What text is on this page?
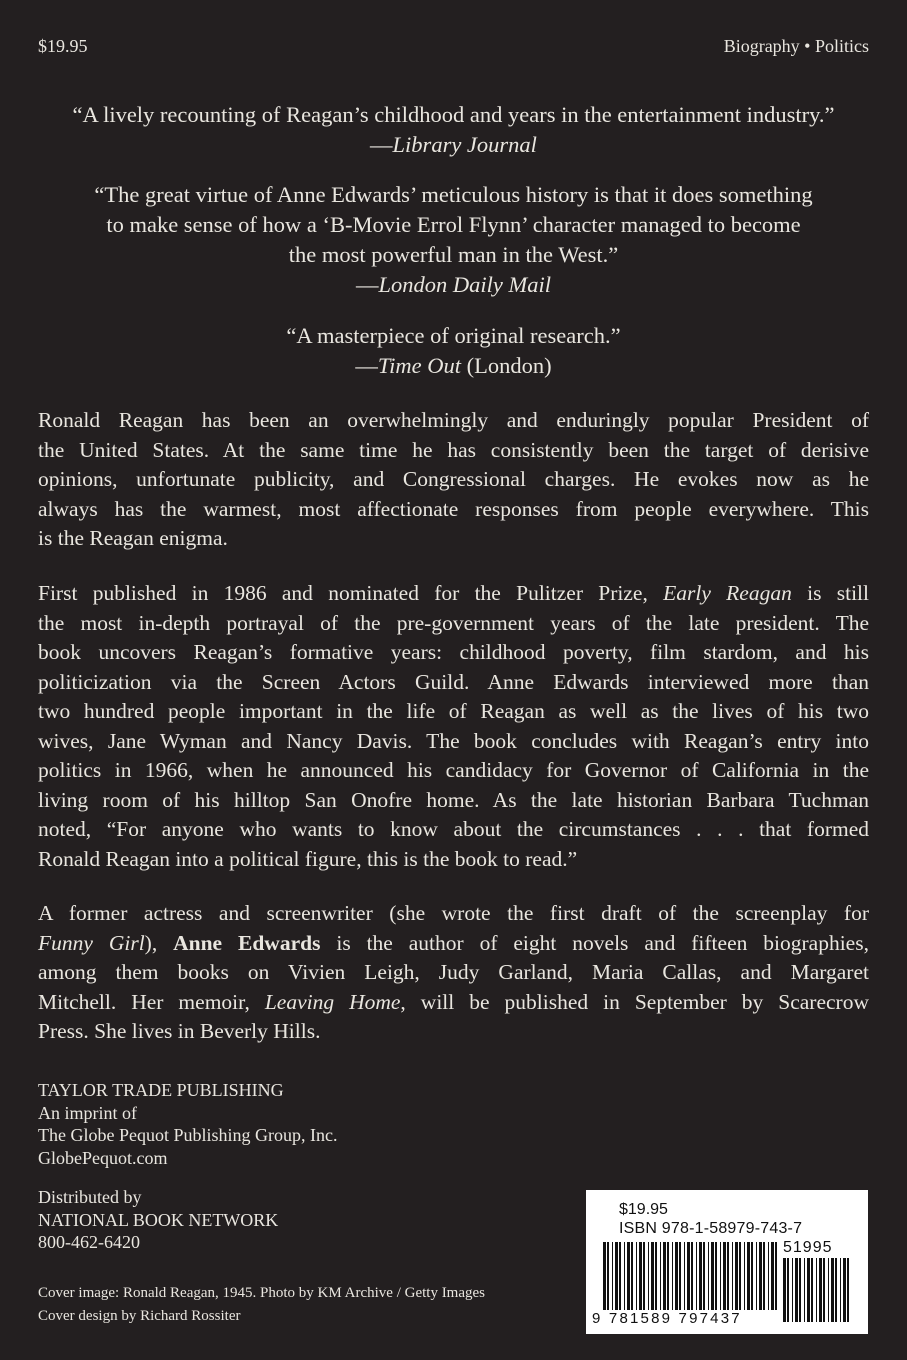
$19.95	Biography • Politics
“A lively recounting of Reagan’s childhood and years in the entertainment industry.”
—Library Journal
“The great virtue of Anne Edwards’ meticulous history is that it does something
to make sense of how a ‘B-Movie Errol Flynn’ character managed to become
the most powerful man in the West.”
—London Daily Mail
“A masterpiece of original research.”
—Time Out (London)
Ronald Reagan has been an overwhelmingly and enduringly popular President of
the United States. At the same time he has consistently been the target of derisive
opinions, unfortunate publicity, and Congressional charges. He evokes now as he
always has the warmest, most affectionate responses from people everywhere. This
is the Reagan enigma.
First published in 1986 and nominated for the Pulitzer Prize, Early Reagan is still
the most in-depth portrayal of the pre-government years of the late president. The
book uncovers Reagan’s formative years: childhood poverty, film stardom, and his
politicization via the Screen Actors Guild. Anne Edwards interviewed more than
two hundred people important in the life of Reagan as well as the lives of his two
wives, Jane Wyman and Nancy Davis. The book concludes with Reagan’s entry into
politics in 1966, when he announced his candidacy for Governor of California in the
living room of his hilltop San Onofre home. As the late historian Barbara Tuchman
noted, “For anyone who wants to know about the circumstances . . . that formed
Ronald Reagan into a political figure, this is the book to read.”
A former actress and screenwriter (she wrote the first draft of the screenplay for
Funny Girl), Anne Edwards is the author of eight novels and fifteen biographies,
among them books on Vivien Leigh, Judy Garland, Maria Callas, and Margaret
Mitchell. Her memoir, Leaving Home, will be published in September by Scarecrow
Press. She lives in Beverly Hills.
TAYLOR TRADE PUBLISHING
An imprint of
The Globe Pequot Publishing Group, Inc.
GlobePequot.com
Distributed by
NATIONAL BOOK NETWORK
800-462-6420
Cover image: Ronald Reagan, 1945. Photo by KM Archive / Getty Images
Cover design by Richard Rossiter
$19.95
ISBN 978-1-58979-743-7
51995
9 781589 797437
